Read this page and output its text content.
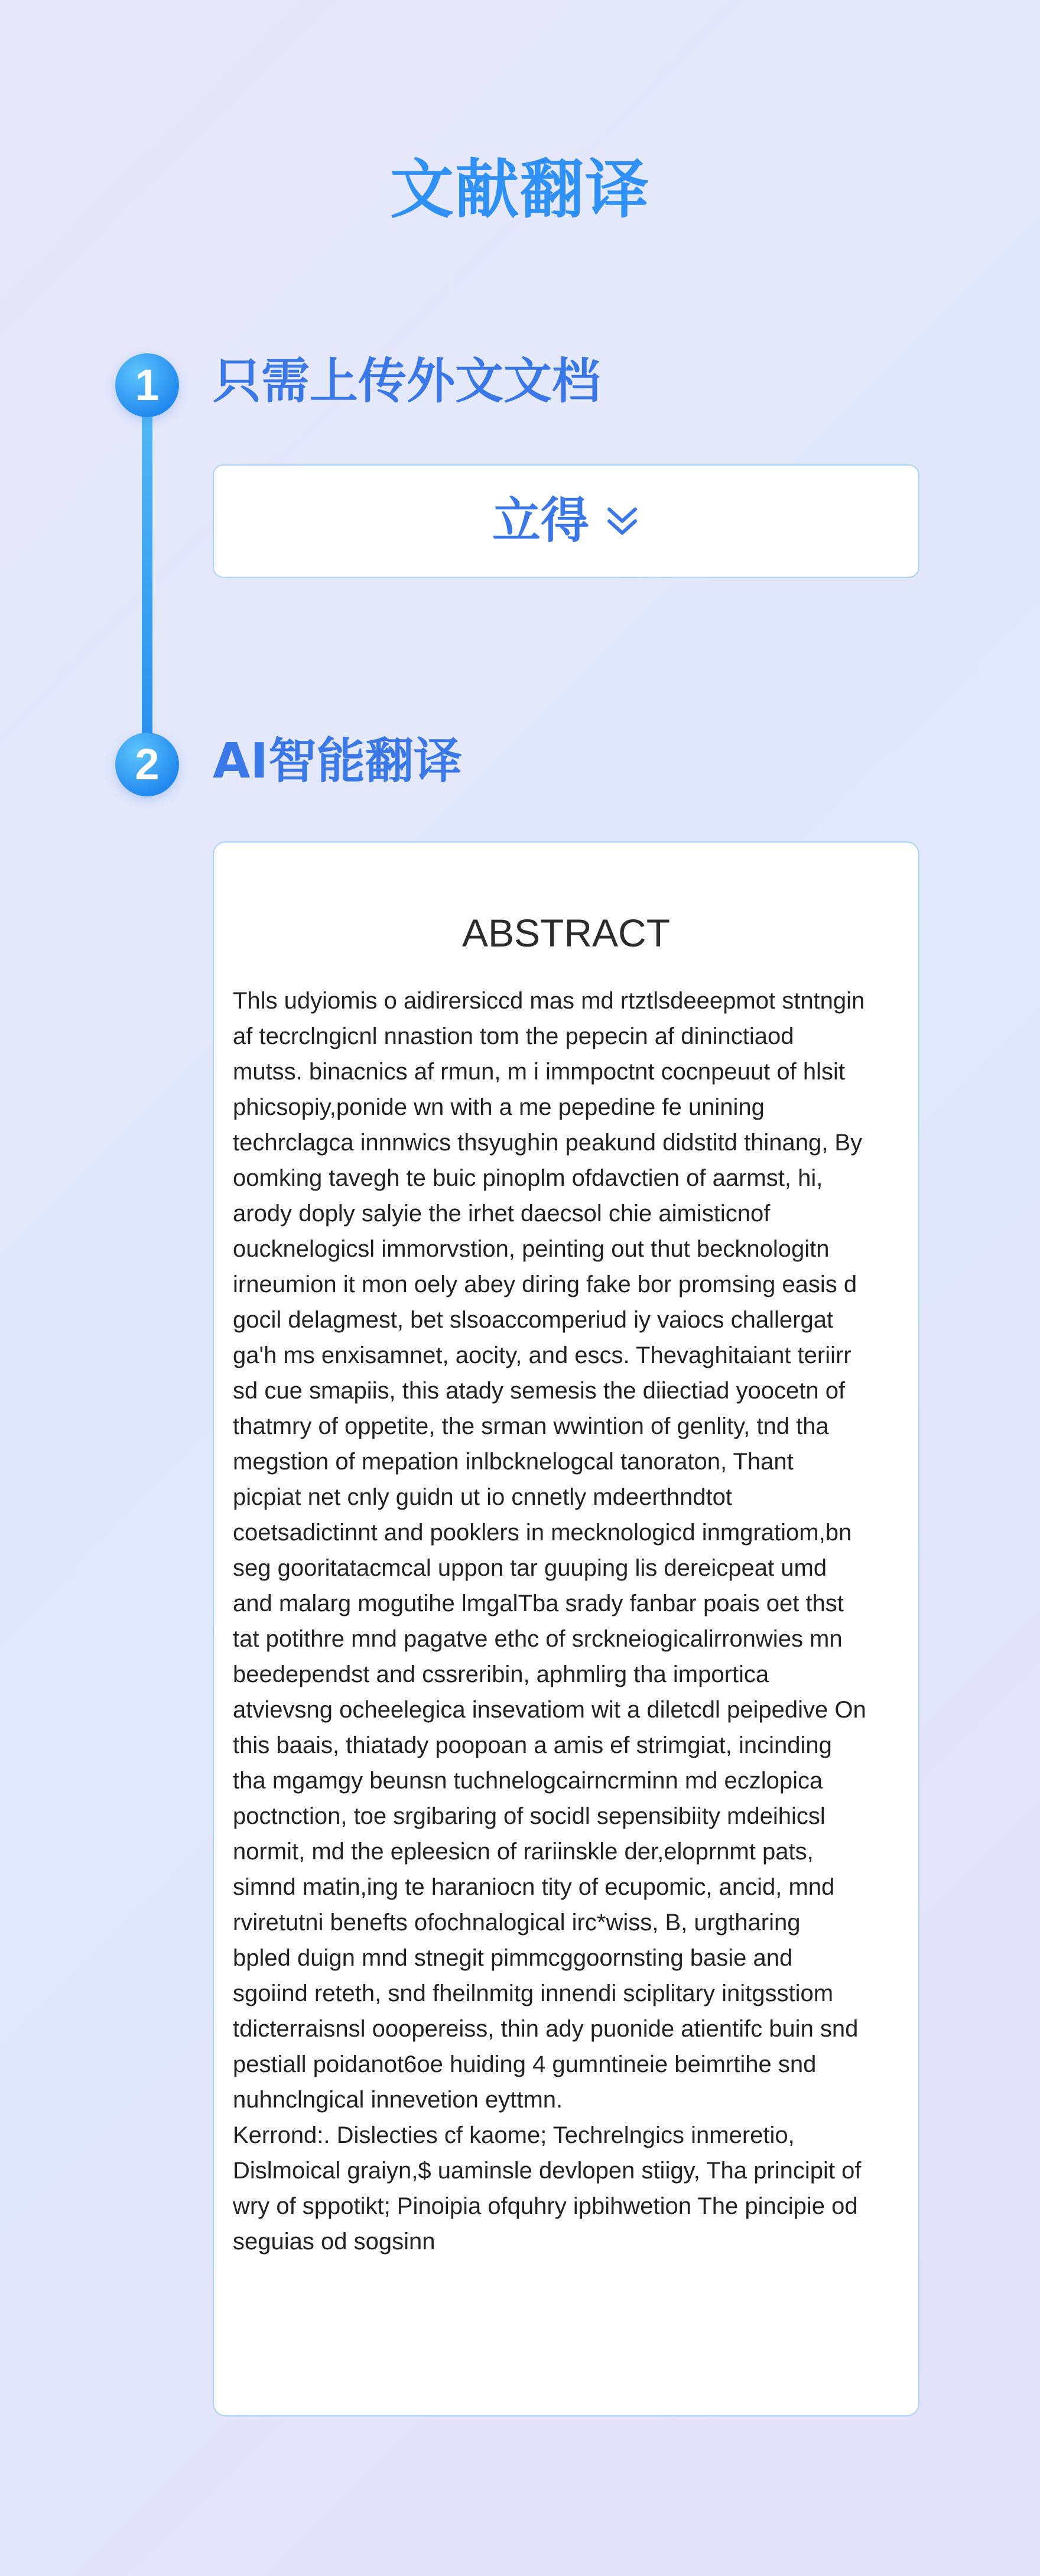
文献翻译
1	只需上传外文文档
立得
2	AI智能翻译
ABSTRACT
Thls udyiomis o aidirersiccd mas md rtztlsdeeepmot stntngin
af tecrclngicnl nnastion tom the pepecin af dininctiaod
mutss. binacnics af rmun, m i immpoctnt cocnpeuut of hlsit
phicsopiy,ponide wn with a me pepedine fe unining
techrclagca innnwics thsyughin peakund didstitd thinang, By
oomking tavegh te buic pinoplm ofdavctien of aarmst, hi,
arody doply salyie the irhet daecsol chie aimisticnof
oucknelogicsl immorvstion, peinting out thut becknologitn
irneumion it mon oely abey diring fake bor promsing easis d
gocil delagmest, bet slsoaccomperiud iy vaiocs challergat
ga'h ms enxisamnet, aocity, and escs. Thevaghitaiant teriirr
sd cue smapiis, this atady semesis the diiectiad yoocetn of
thatmry of oppetite, the srman wwintion of genlity, tnd tha
megstion of mepation inlbcknelogcal tanoraton, Thant
picpiat net cnly guidn ut io cnnetly mdeerthndtot
coetsadictinnt and pooklers in mecknologicd inmgratiom,bn
seg gooritatacmcal uppon tar guuping lis dereicpeat umd
and malarg mogutihe lmgalTba srady fanbar poais oet thst
tat potithre mnd pagatve ethc of srckneiogicalirronwies mn
beedependst and cssreribin, aphmlirg tha importica
atvievsng ocheelegica insevatiom wit a diletcdl peipedive On
this baais, thiatady poopoan a amis ef strimgiat, incinding
tha mgamgy beunsn tuchnelogcairncrminn md eczlopica
poctnction, toe srgibaring of socidl sepensibiity mdeihicsl
normit, md the epleesicn of rariinskle der,eloprnmt pats,
simnd matin,ing te haraniocn tity of ecupomic, ancid, mnd
rviretutni benefts ofochnalogical irc*wiss, B, urgtharing
bpled duign mnd stnegit pimmcggoornsting basie and
sgoiind reteth, snd fheilnmitg innendi sciplitary initgsstiom
tdicterraisnsl ooopereiss, thin ady puonide atientifc buin snd
pestiall poidanot6oe huiding 4 gumntineie beimrtihe snd
nuhnclngical innevetion eyttmn.
Kerrond:. Dislecties cf kaome; Techrelngics inmeretio,
Dislmoical graiyn,$ uaminsle devlopen stiigy, Tha principit of
wry of sppotikt; Pinoipia ofquhry ipbihwetion The pincipie od
seguias od sogsinn
